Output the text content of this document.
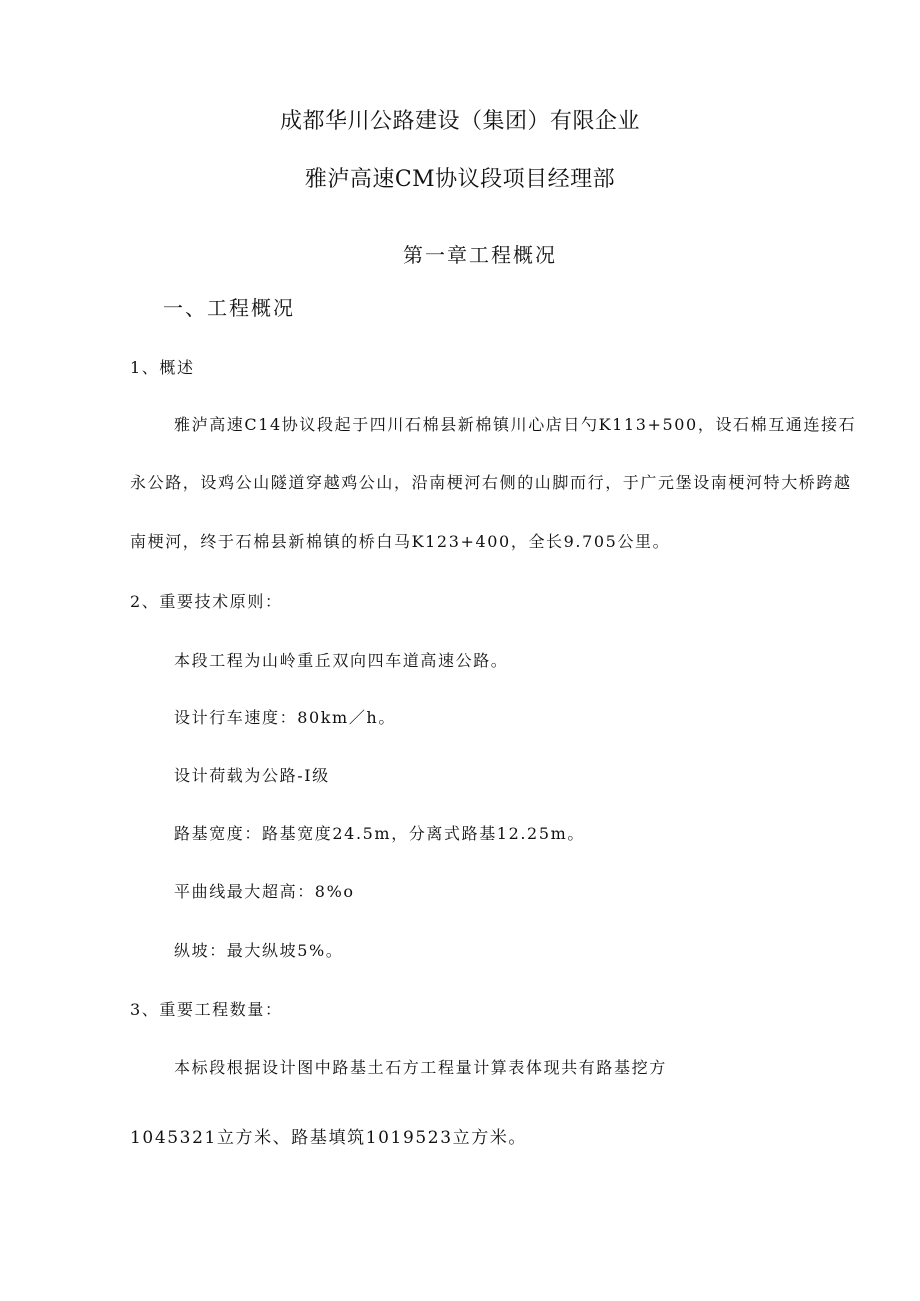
成都华川公路建设（集团）有限企业

雅泸高速CM协议段项目经理部

第一章工程概况

一、工程概况

1、概述

雅泸高速C14协议段起于四川石棉县新棉镇川心店日勺K113+500，设石棉互通连接石

永公路，设鸡公山隧道穿越鸡公山，沿南梗河右侧的山脚而行，于广元堡设南梗河特大桥跨越

南梗河，终于石棉县新棉镇的桥白马K123+400，全长9.705公里。

2、重要技术原则：

本段工程为山岭重丘双向四车道高速公路。

设计行车速度：80km／h。

设计荷载为公路-I级

路基宽度：路基宽度24.5m，分离式路基12.25m。

平曲线最大超高：8%o

纵坡：最大纵坡5%。

3、重要工程数量：

本标段根据设计图中路基土石方工程量计算表体现共有路基挖方

1045321立方米、路基填筑1019523立方米。
